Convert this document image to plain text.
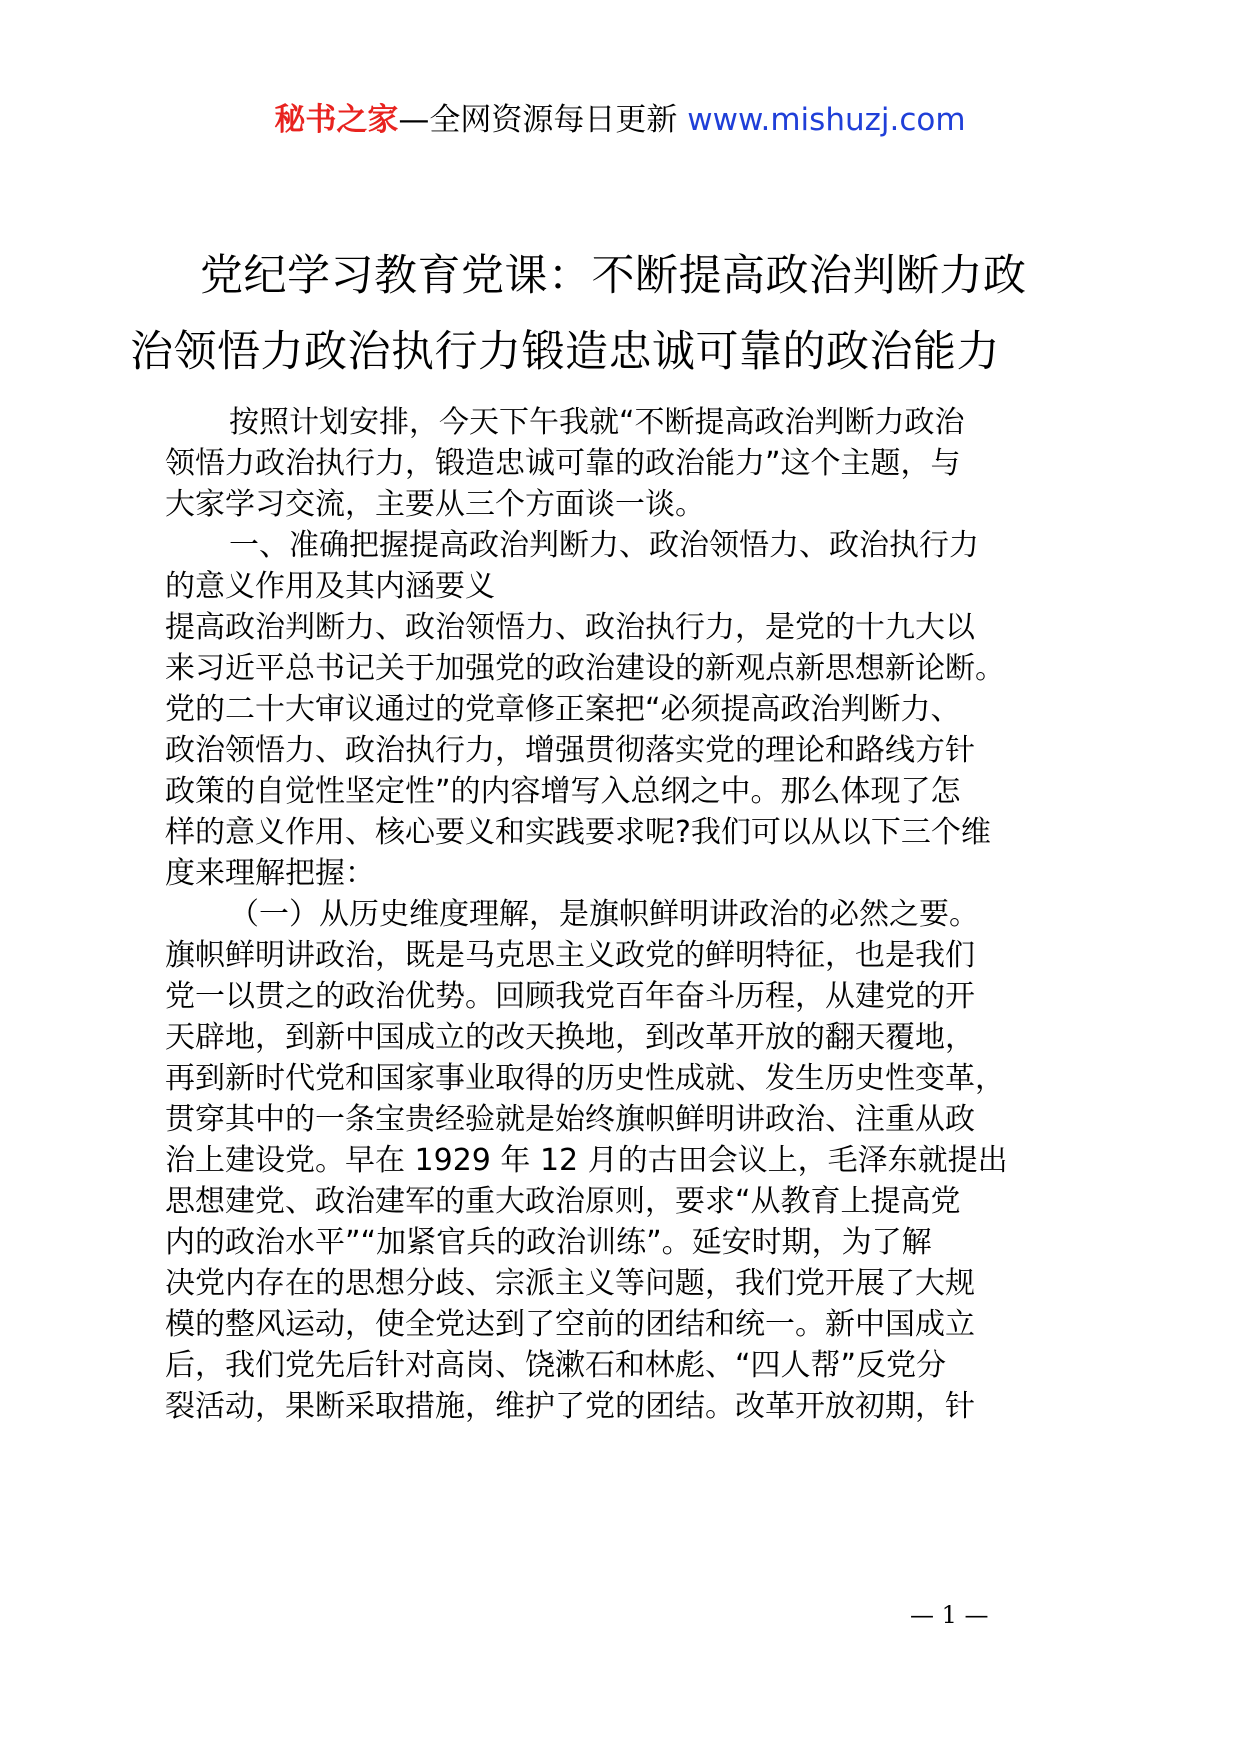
秘书之家—全网资源每日更新 www.mishuzj.com
党纪学习教育党课：不断提高政治判断力政
治领悟力政治执行力锻造忠诚可靠的政治能力
按照计划安排，今天下午我就“不断提高政治判断力政治
领悟力政治执行力，锻造忠诚可靠的政治能力”这个主题，与
大家学习交流，主要从三个方面谈一谈。
一、准确把握提高政治判断力、政治领悟力、政治执行力
的意义作用及其内涵要义
提高政治判断力、政治领悟力、政治执行力，是党的十九大以
来习近平总书记关于加强党的政治建设的新观点新思想新论断。
党的二十大审议通过的党章修正案把“必须提高政治判断力、
政治领悟力、政治执行力，增强贯彻落实党的理论和路线方针
政策的自觉性坚定性”的内容增写入总纲之中。那么体现了怎
样的意义作用、核心要义和实践要求呢?我们可以从以下三个维
度来理解把握：
（一）从历史维度理解，是旗帜鲜明讲政治的必然之要。
旗帜鲜明讲政治，既是马克思主义政党的鲜明特征，也是我们
党一以贯之的政治优势。回顾我党百年奋斗历程，从建党的开
天辟地，到新中国成立的改天换地，到改革开放的翻天覆地，
再到新时代党和国家事业取得的历史性成就、发生历史性变革，
贯穿其中的一条宝贵经验就是始终旗帜鲜明讲政治、注重从政
治上建设党。早在 1929 年 12 月的古田会议上，毛泽东就提出
思想建党、政治建军的重大政治原则，要求“从教育上提高党
内的政治水平”“加紧官兵的政治训练”。延安时期，为了解
决党内存在的思想分歧、宗派主义等问题，我们党开展了大规
模的整风运动，使全党达到了空前的团结和统一。新中国成立
后，我们党先后针对高岗、饶漱石和林彪、“四人帮”反党分
裂活动，果断采取措施，维护了党的团结。改革开放初期，针
— 1 —
